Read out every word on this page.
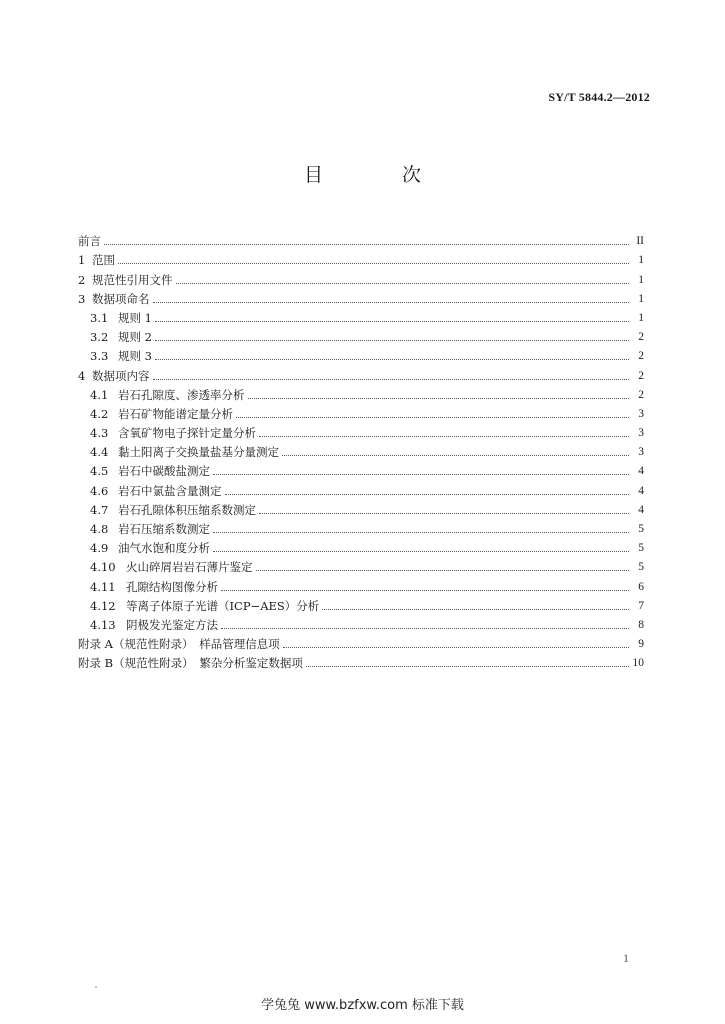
SY/T 5844.2—2012
目　次
前言	II
1 范围	1
2 规范性引用文件	1
3 数据项命名	1
3.1 规则 1	1
3.2 规则 2	2
3.3 规则 3	2
4 数据项内容	2
4.1 岩石孔隙度、渗透率分析	2
4.2 岩石矿物能谱定量分析	3
4.3 含氧矿物电子探针定量分析	3
4.4 黏土阳离子交换量盐基分量测定	3
4.5 岩石中碳酸盐测定	4
4.6 岩石中氯盐含量测定	4
4.7 岩石孔隙体积压缩系数测定	4
4.8 岩石压缩系数测定	5
4.9 油气水饱和度分析	5
4.10 火山碎屑岩岩石薄片鉴定	5
4.11 孔隙结构图像分析	6
4.12 等离子体原子光谱（ICP−AES）分析	7
4.13 阴极发光鉴定方法	8
附录 A（规范性附录）　样品管理信息项	9
附录 B（规范性附录）　繁杂分析鉴定数据项	10
1
学兔兔 www.bzfxw.com 标准下载
